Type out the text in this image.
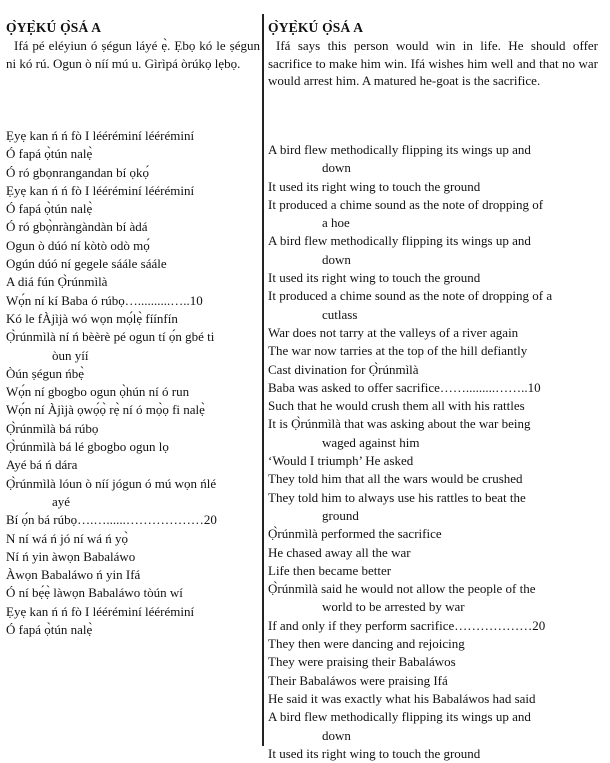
Ọ̀YẸ̀KÚ Ọ̀SÁ A

Ifá pé eléyiun ó ṣégun láyé ẹ̀. Ẹbọ kó le ṣégun ni kó rú. Ogun ò níí mú u. Gìrìpá òrúkọ lẹbọ.

Ẹyẹ kan ń ń fò I lééréminí lééréminí

Ó fapá ọ̀tún nalẹ̀

Ó ró gbọnrangandan bí ọkọ́

Ẹyẹ kan ń ń fò I lééréminí lééréminí

Ó fapá ọ̀tún nalẹ̀

Ó ró gbọ̀nràngàndàn bí àdá

Ogun ò dúó ní kòtò odò mọ́

Ogún dúó ní gegele sáále sáále

A diá fún Ọ̀rúnmìlà

Wọ́n ní kí Baba ó rúbọ…..........…..10

Kó le fÀjìjà wó wọn mọ́lẹ̀ fíínfín

Ọ̀rúnmìlà ní ń bèèrè pé ogun tí ọ́n gbé ti

òun yíí

Òún ṣégun ńbẹ̀

Wọ́n ní gbogbo ogun ọ̀hún ní ó run

Wọ́n ní Àjìjà ọwọ́ọ̀ rẹ̀ ní ó mọ̀ọ fi nalẹ̀

Ọ̀rúnmìlà bá rúbọ

Ọ̀rúnmìlà bá lé gbogbo ogun lọ

Ayé bá ń dára

Ọ̀rúnmìlà lóun ò níí jógun ó mú wọn ńlé

ayé

Bí ọ́n bá rúbọ….…......………………20

N ní wá ń jó ní wá ń yọ̀

Ní ń yin àwọn Babaláwo

Àwọn Babaláwo ń yin Ifá

Ó ní bẹ́ẹ̀ làwọn Babaláwo tòún wí

Ẹyẹ kan ń ń fò I lééréminí lééréminí

Ó fapá ọ̀tún nalẹ̀

Ọ̀YẸ̀KÚ Ọ̀SÁ A

Ifá says this person would win in life. He should offer sacrifice to make him win. Ifá wishes him well and that no war would arrest him. A matured he-goat is the sacrifice.

A bird flew methodically flipping its wings up and

down

It used its right wing to touch the ground

It produced a chime sound as the note of dropping of

a hoe

A bird flew methodically flipping its wings up and

down

It used its right wing to touch the ground

It produced a chime sound as the note of dropping of a

cutlass

War does not tarry at the valleys of a river again

The war now tarries at the top of the hill defiantly

Cast divination for Ọ̀rúnmìlà

Baba was asked to offer sacrifice…….........……..10

Such that he would crush them all with his rattles

It is Ọ̀rúnmìlà that was asking about the war being

waged against him

‘Would I triumph’ He asked

They told him that all the wars would be crushed

They told him to always use his rattles to beat the

ground

Ọ̀rúnmìlà performed the sacrifice

He chased away all the war

Life then became better

Ọ̀rúnmìlà said he would not allow the people of the

world to be arrested by war

If and only if they perform sacrifice………………20

They then were dancing and rejoicing

They were praising their Babaláwos

Their Babaláwos were praising Ifá

He said it was exactly what his Babaláwos had said

A bird flew methodically flipping its wings up and

down

It used its right wing to touch the ground
